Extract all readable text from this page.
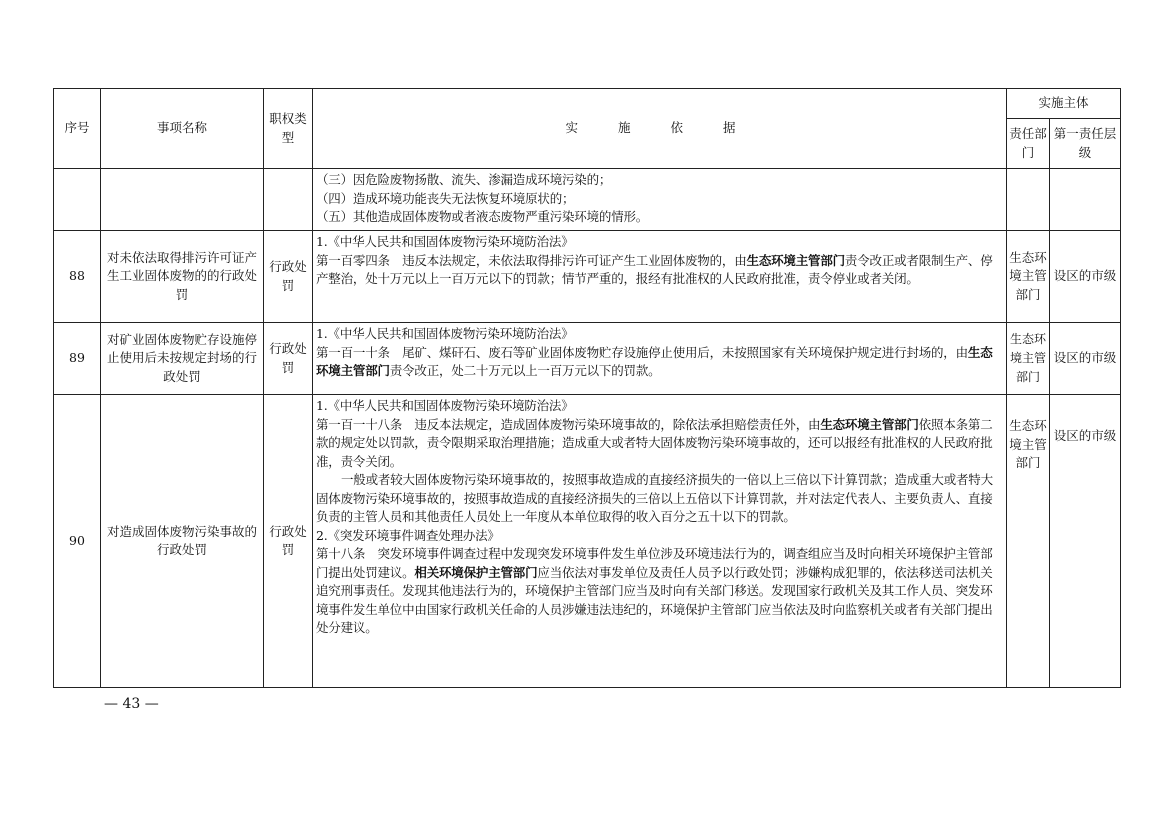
序号	事项名称	职权类型	实 施 依 据	实施主体	
				责任部门	第一责任层级

			（三）因危险废物扬散、流失、渗漏造成环境污染的；
（四）造成环境功能丧失无法恢复环境原状的；
（五）其他造成固体废物或者液态废物严重污染环境的情形。		

88	对未依法取得排污许可证产生工业固体废物的的行政处罚	行政处罚	1.《中华人民共和国固体废物污染环境防治法》
第一百零四条　违反本法规定，未依法取得排污许可证产生工业固体废物的，由生态环境主管部门责令改正或者限制生产、停产整治，处十万元以上一百万元以下的罚款；情节严重的，报经有批准权的人民政府批准，责令停业或者关闭。	生态环境主管部门	设区的市级
89	对矿业固体废物贮存设施停止使用后未按规定封场的行政处罚	行政处罚	1.《中华人民共和国固体废物污染环境防治法》
第一百一十条　尾矿、煤矸石、废石等矿业固体废物贮存设施停止使用后，未按照国家有关环境保护规定进行封场的，由生态环境主管部门责令改正，处二十万元以上一百万元以下的罚款。	生态环境主管部门	设区的市级
90	对造成固体废物污染事故的行政处罚	行政处罚	1.《中华人民共和国固体废物污染环境防治法》
第一百一十八条　违反本法规定，造成固体废物污染环境事故的，除依法承担赔偿责任外，由生态环境主管部门依照本条第二款的规定处以罚款，责令限期采取治理措施；造成重大或者特大固体废物污染环境事故的，还可以报经有批准权的人民政府批准，责令关闭。
一般或者较大固体废物污染环境事故的，按照事故造成的直接经济损失的一倍以上三倍以下计算罚款；造成重大或者特大固体废物污染环境事故的，按照事故造成的直接经济损失的三倍以上五倍以下计算罚款，并对法定代表人、主要负责人、直接负责的主管人员和其他责任人员处上一年度从本单位取得的收入百分之五十以下的罚款。
2.《突发环境事件调查处理办法》
第十八条　突发环境事件调查过程中发现突发环境事件发生单位涉及环境违法行为的，调查组应当及时向相关环境保护主管部门提出处罚建议。相关环境保护主管部门应当依法对事发单位及责任人员予以行政处罚；涉嫌构成犯罪的，依法移送司法机关追究刑事责任。发现其他违法行为的，环境保护主管部门应当及时向有关部门移送。发现国家行政机关及其工作人员、突发环境事件发生单位中由国家行政机关任命的人员涉嫌违法违纪的，环境保护主管部门应当依法及时向监察机关或者有关部门提出处分建议。	生态环境主管部门	设区的市级
— 43 —
